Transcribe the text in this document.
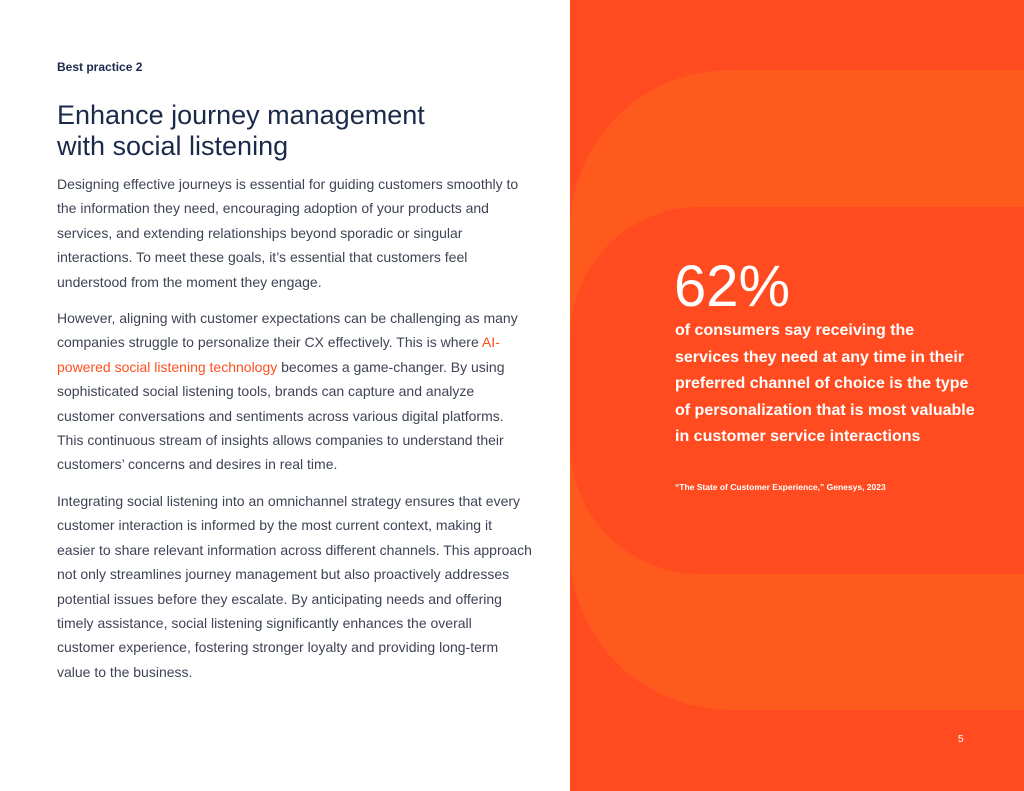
Best practice 2
Enhance journey management
with social listening

Designing effective journeys is essential for guiding customers smoothly to the information they need, encouraging adoption of your products and services, and extending relationships beyond sporadic or singular interactions. To meet these goals, it’s essential that customers feel understood from the moment they engage.

However, aligning with customer expectations can be challenging as many companies struggle to personalize their CX effectively. This is where AI-powered social listening technology becomes a game-changer. By using sophisticated social listening tools, brands can capture and analyze customer conversations and sentiments across various digital platforms. This continuous stream of insights allows companies to understand their customers’ concerns and desires in real time.

Integrating social listening into an omnichannel strategy ensures that every customer interaction is informed by the most current context, making it easier to share relevant information across different channels. This approach not only streamlines journey management but also proactively addresses potential issues before they escalate. By anticipating needs and offering timely assistance, social listening significantly enhances the overall customer experience, fostering stronger loyalty and providing long-term value to the business.

62%
of consumers say receiving the services they need at any time in their preferred channel of choice is the type of personalization that is most valuable in customer service interactions
“The State of Customer Experience,” Genesys, 2023
5
